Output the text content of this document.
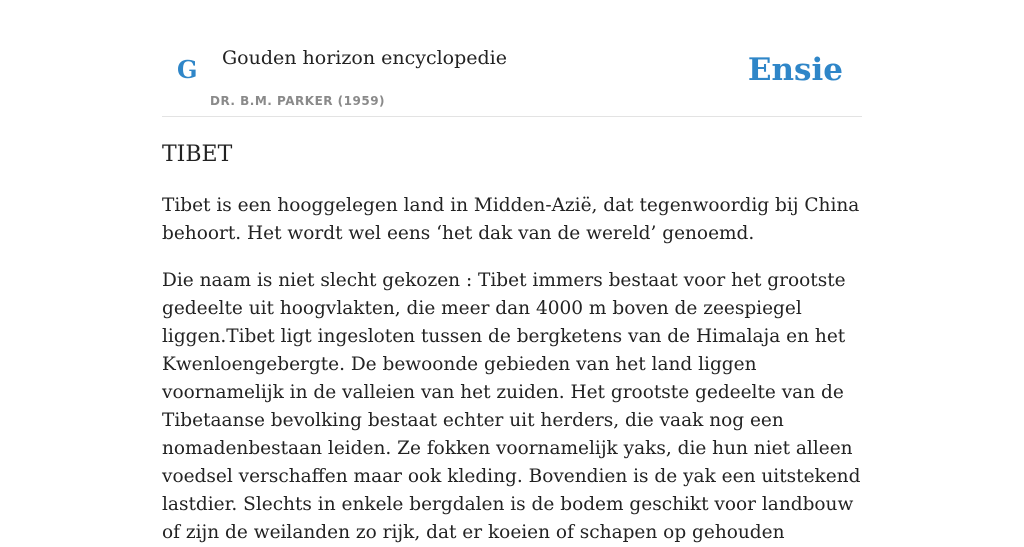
G Gouden horizon encyclopedie
DR. B.M. PARKER (1959)
Ensie
TIBET

Tibet is een hooggelegen land in Midden-Azië, dat tegenwoordig bij China behoort. Het wordt wel eens ‘het dak van de wereld’ genoemd.

Die naam is niet slecht gekozen : Tibet immers bestaat voor het grootste gedeelte uit hoogvlakten, die meer dan 4000 m boven de zeespiegel liggen.Tibet ligt ingesloten tussen de bergketens van de Himalaja en het Kwenloengebergte. De bewoonde gebieden van het land liggen voornamelijk in de valleien van het zuiden. Het grootste gedeelte van de Tibetaanse bevolking bestaat echter uit herders, die vaak nog een nomadenbestaan leiden. Ze fokken voornamelijk yaks, die hun niet alleen voedsel verschaffen maar ook kleding. Bovendien is de yak een uitstekend lastdier. Slechts in enkele bergdalen is de bodem geschikt voor landbouw of zijn de weilanden zo rijk, dat er koeien of schapen op gehouden
